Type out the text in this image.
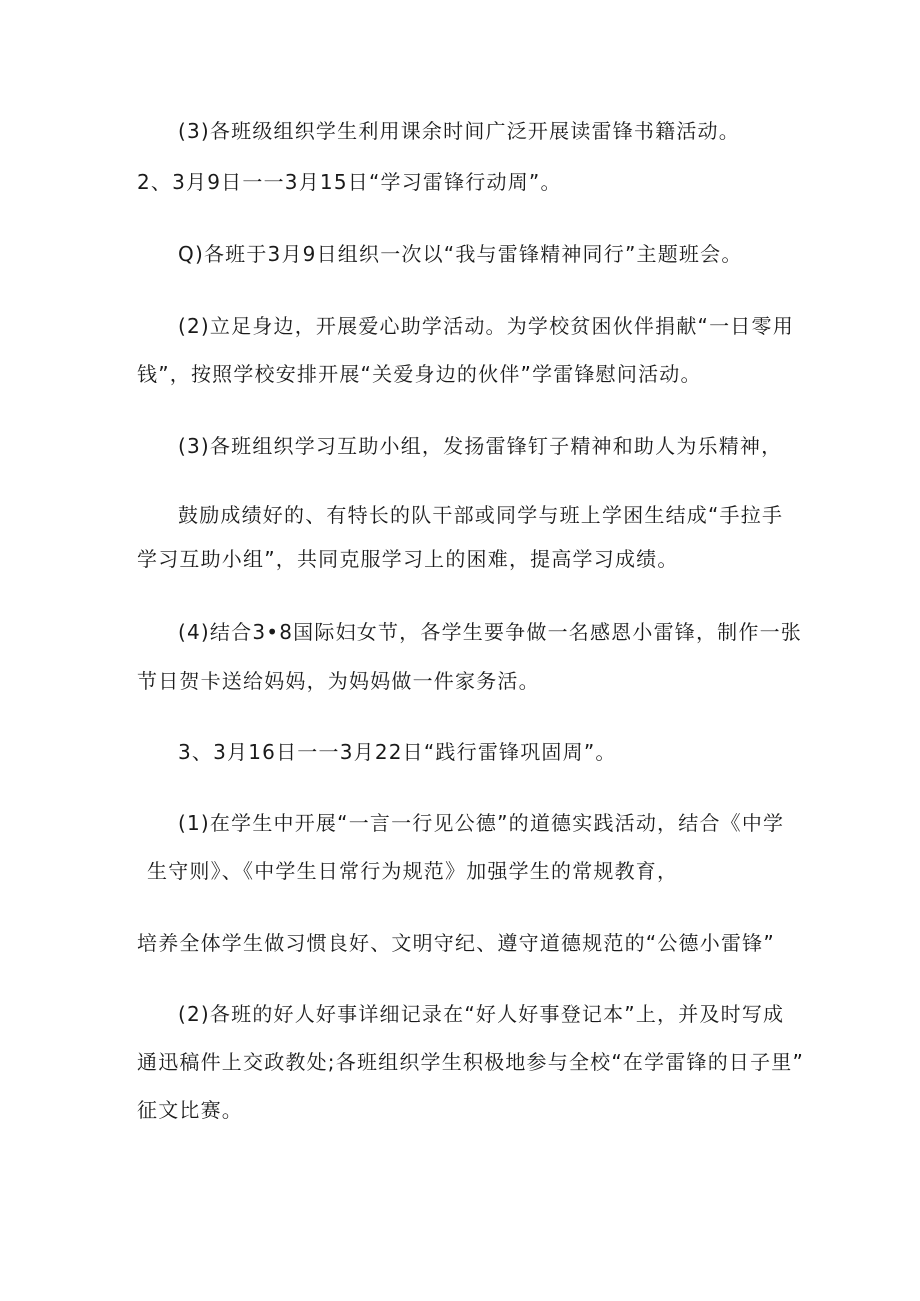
(3)各班级组织学生利用课余时间广泛开展读雷锋书籍活动。
2、3月9日一一3月15日“学习雷锋行动周”。
Q)各班于3月9日组织一次以“我与雷锋精神同行”主题班会。
(2)立足身边，开展爱心助学活动。为学校贫困伙伴捐献“一日零用
钱”，按照学校安排开展“关爱身边的伙伴”学雷锋慰问活动。
(3)各班组织学习互助小组，发扬雷锋钉子精神和助人为乐精神，
鼓励成绩好的、有特长的队干部或同学与班上学困生结成“手拉手
学习互助小组”，共同克服学习上的困难，提高学习成绩。
(4)结合3•8国际妇女节，各学生要争做一名感恩小雷锋，制作一张
节日贺卡送给妈妈，为妈妈做一件家务活。
3、3月16日一一3月22日“践行雷锋巩固周”。
(1)在学生中开展“一言一行见公德”的道德实践活动，结合《中学
生守则》、《中学生日常行为规范》加强学生的常规教育，
培养全体学生做习惯良好、文明守纪、遵守道德规范的“公德小雷锋”
(2)各班的好人好事详细记录在“好人好事登记本”上，并及时写成
通迅稿件上交政教处;各班组织学生积极地参与全校“在学雷锋的日子里”
征文比赛。
